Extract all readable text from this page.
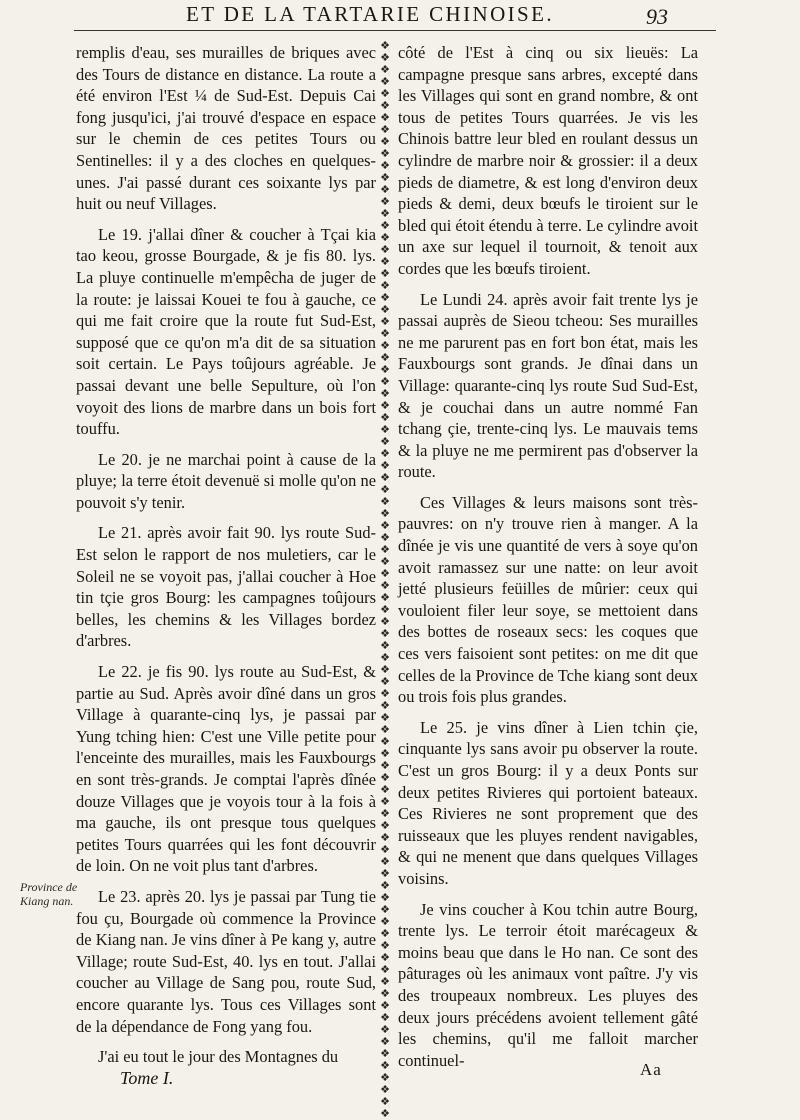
ET DE LA TARTARIE CHINOISE.	93

remplis d'eau, ses murailles de briques avec des Tours de distance en distance. La route a été environ l'Est ¼ de Sud-Est. Depuis Cai fong jusqu'ici, j'ai trouvé d'espace en espace sur le chemin de ces petites Tours ou Sentinelles: il y a des cloches en quelques-unes. J'ai passé durant ces soixante lys par huit ou neuf Villages.

Le 19. j'allai dîner & coucher à Tçai kia tao keou, grosse Bourgade, & je fis 80. lys. La pluye continuelle m'empêcha de juger de la route: je laissai Kouei te fou à gauche, ce qui me fait croire que la route fut Sud-Est, supposé que ce qu'on m'a dit de sa situation soit certain. Le Pays toûjours agréable. Je passai devant une belle Sepulture, où l'on voyoit des lions de marbre dans un bois fort touffu.

Le 20. je ne marchai point à cause de la pluye; la terre étoit devenuë si molle qu'on ne pouvoit s'y tenir.

Le 21. après avoir fait 90. lys route Sud-Est selon le rapport de nos muletiers, car le Soleil ne se voyoit pas, j'allai coucher à Hoe tin tçie gros Bourg: les campagnes toûjours belles, les chemins & les Villages bordez d'arbres.

Le 22. je fis 90. lys route au Sud-Est, & partie au Sud. Après avoir dîné dans un gros Village à quarante-cinq lys, je passai par Yung tching hien: C'est une Ville petite pour l'enceinte des murailles, mais les Fauxbourgs en sont très-grands. Je comptai l'après dînée douze Villages que je voyois tour à la fois à ma gauche, ils ont presque tous quelques petites Tours quarrées qui les font découvrir de loin. On ne voit plus tant d'arbres.

Le 23. après 20. lys je passai par Tung tie fou çu, Bourgade où commence la Province de Kiang nan. Je vins dîner à Pe kang y, autre Village; route Sud-Est, 40. lys en tout. J'allai coucher au Village de Sang pou, route Sud, encore quarante lys. Tous ces Villages sont de la dépendance de Fong yang fou.

J'ai eu tout le jour des Montagnes du

❖❖❖❖❖❖❖❖❖❖❖❖❖❖❖❖❖❖❖❖❖❖❖❖❖❖❖❖❖❖❖❖❖❖❖❖❖❖❖❖❖❖❖❖❖❖❖❖❖❖❖❖❖❖❖❖❖❖❖❖❖❖❖❖❖❖❖❖❖❖❖❖❖❖❖❖❖❖❖❖❖❖❖❖❖❖❖❖❖❖

côté de l'Est à cinq ou six lieuës: La campagne presque sans arbres, excepté dans les Villages qui sont en grand nombre, & ont tous de petites Tours quarrées. Je vis les Chinois battre leur bled en roulant dessus un cylindre de marbre noir & grossier: il a deux pieds de diametre, & est long d'environ deux pieds & demi, deux bœufs le tiroient sur le bled qui étoit étendu à terre. Le cylindre avoit un axe sur lequel il tournoit, & tenoit aux cordes que les bœufs tiroient.

Le Lundi 24. après avoir fait trente lys je passai auprès de Sieou tcheou: Ses murailles ne me parurent pas en fort bon état, mais les Fauxbourgs sont grands. Je dînai dans un Village: quarante-cinq lys route Sud Sud-Est, & je couchai dans un autre nommé Fan tchang çie, trente-cinq lys. Le mauvais tems & la pluye ne me permirent pas d'observer la route.

Ces Villages & leurs maisons sont très-pauvres: on n'y trouve rien à manger. A la dînée je vis une quantité de vers à soye qu'on avoit ramassez sur une natte: on leur avoit jetté plusieurs feüilles de mûrier: ceux qui vouloient filer leur soye, se mettoient dans des bottes de roseaux secs: les coques que ces vers faisoient sont petites: on me dit que celles de la Province de Tche kiang sont deux ou trois fois plus grandes.

Le 25. je vins dîner à Lien tchin çie, cinquante lys sans avoir pu observer la route. C'est un gros Bourg: il y a deux Ponts sur deux petites Rivieres qui portoient bateaux. Ces Rivieres ne sont proprement que des ruisseaux que les pluyes rendent navigables, & qui ne menent que dans quelques Villages voisins.

Je vins coucher à Kou tchin autre Bourg, trente lys. Le terroir étoit marécageux & moins beau que dans le Ho nan. Ce sont des pâturages où les animaux vont paître. J'y vis des troupeaux nombreux. Les pluyes des deux jours précédens avoient tellement gâté les chemins, qu'il me falloit marcher continuel-

Province de Kiang nan.
Tome I.	Aa
